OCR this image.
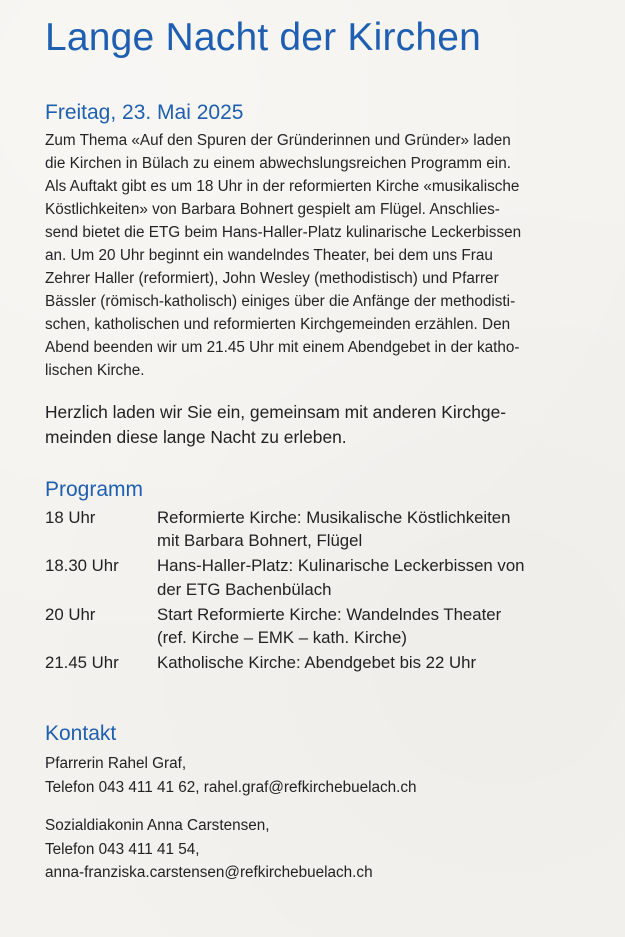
Lange Nacht der Kirchen
Freitag, 23. Mai 2025
Zum Thema «Auf den Spuren der Gründerinnen und Gründer» laden
die Kirchen in Bülach zu einem abwechslungsreichen Programm ein.
Als Auftakt gibt es um 18 Uhr in der reformierten Kirche «musikalische
Köstlichkeiten» von Barbara Bohnert gespielt am Flügel. Anschlies-
send bietet die ETG beim Hans-Haller-Platz kulinarische Leckerbissen
an. Um 20 Uhr beginnt ein wandelndes Theater, bei dem uns Frau
Zehrer Haller (reformiert), John Wesley (methodistisch) und Pfarrer
Bässler (römisch-katholisch) einiges über die Anfänge der methodisti-
schen, katholischen und reformierten Kirchgemeinden erzählen. Den
Abend beenden wir um 21.45 Uhr mit einem Abendgebet in der katho-
lischen Kirche.
Herzlich laden wir Sie ein, gemeinsam mit anderen Kirchge-
meinden diese lange Nacht zu erleben.
Programm
18 Uhr	Reformierte Kirche: Musikalische Köstlichkeiten
mit Barbara Bohnert, Flügel
18.30 Uhr	Hans-Haller-Platz: Kulinarische Leckerbissen von
der ETG Bachenbülach
20 Uhr	Start Reformierte Kirche: Wandelndes Theater
(ref. Kirche – EMK – kath. Kirche)
21.45 Uhr	Katholische Kirche: Abendgebet bis 22 Uhr
Kontakt
Pfarrerin Rahel Graf,
Telefon 043 411 41 62, rahel.graf@refkirchebuelach.ch
Sozialdiakonin Anna Carstensen,
Telefon 043 411 41 54,
anna-franziska.carstensen@refkirchebuelach.ch
